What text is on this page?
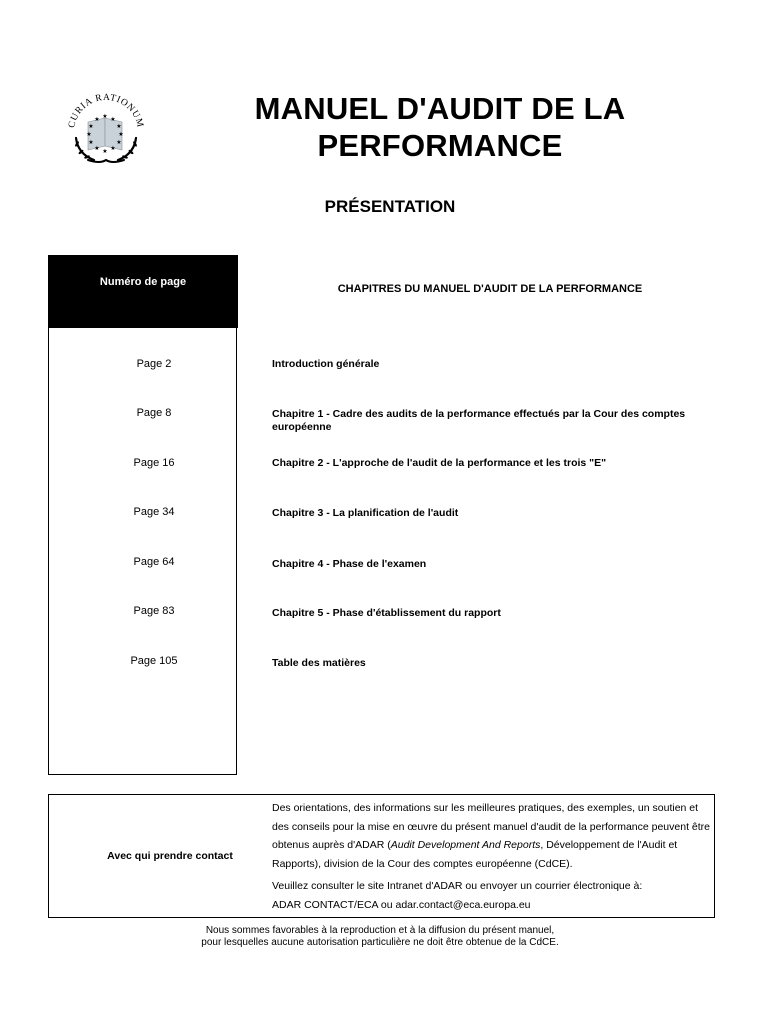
CURIA RATIONUM
★
★ ★
★	★
★	★
★	★
★ ★
★
MANUEL D'AUDIT DE LA PERFORMANCE
PRÉSENTATION
Numéro de page
CHAPITRES DU MANUEL D'AUDIT DE LA PERFORMANCE
Page 2	Introduction générale
Page 8	Chapitre 1 - Cadre des audits de la performance effectués par la Cour des comptes européenne
Page 16	Chapitre 2 - L'approche de l'audit de la performance et les trois "E"
Page 34	Chapitre 3 - La planification de l'audit
Page 64	Chapitre 4 - Phase de l'examen
Page 83	Chapitre 5 - Phase d'établissement du rapport
Page 105	Table des matières
Avec qui prendre contact

Des orientations, des informations sur les meilleures pratiques, des exemples, un soutien et des conseils pour la mise en œuvre du présent manuel d'audit de la performance peuvent être obtenus auprès d'ADAR (Audit Development And Reports, Développement de l'Audit et Rapports), division de la Cour des comptes européenne (CdCE).

Veuillez consulter le site Intranet d'ADAR ou envoyer un courrier électronique à:
ADAR CONTACT/ECA ou adar.contact@eca.europa.eu

Nous sommes favorables à la reproduction et à la diffusion du présent manuel,
pour lesquelles aucune autorisation particulière ne doit être obtenue de la CdCE.
